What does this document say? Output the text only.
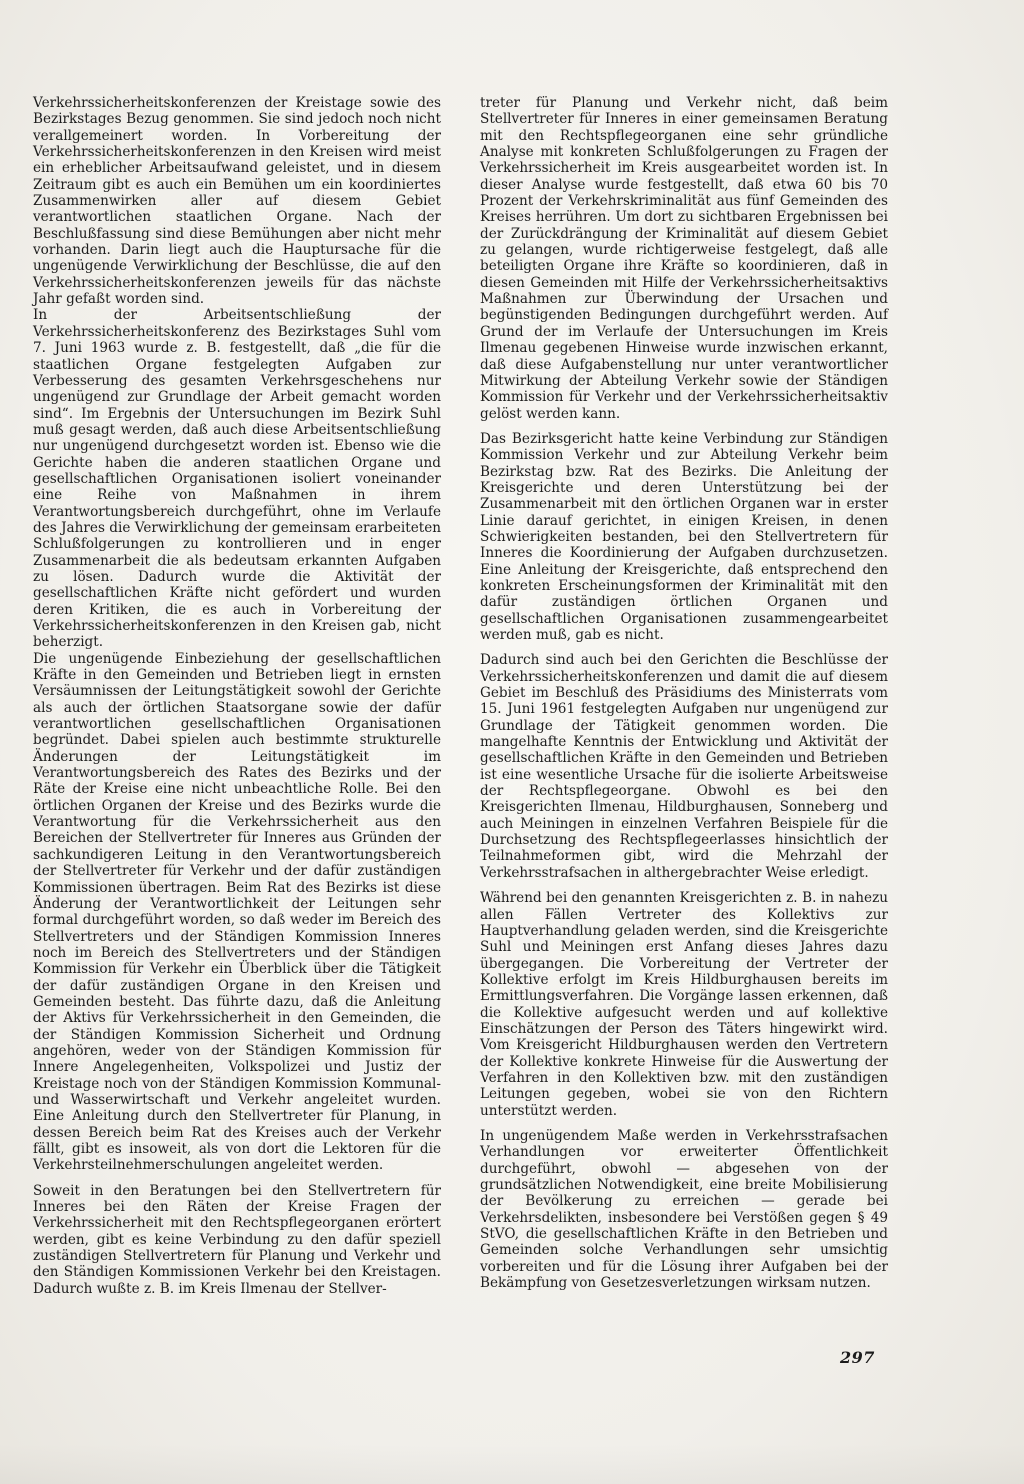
Verkehrssicherheitskonferenzen der Kreistage sowie des Bezirkstages Bezug genommen. Sie sind jedoch noch nicht verallgemeinert worden. In Vorbereitung der Verkehrssicherheitskonferenzen in den Kreisen wird meist ein erheblicher Arbeitsaufwand geleistet, und in diesem Zeitraum gibt es auch ein Bemühen um ein koordiniertes Zusammenwirken aller auf diesem Gebiet verantwortlichen staatlichen Organe. Nach der Beschlußfassung sind diese Bemühungen aber nicht mehr vorhanden. Darin liegt auch die Hauptursache für die ungenügende Verwirklichung der Beschlüsse, die auf den Verkehrssicherheitskonferenzen jeweils für das nächste Jahr gefaßt worden sind.

In der Arbeitsentschließung der Verkehrssicherheitskonferenz des Bezirkstages Suhl vom 7. Juni 1963 wurde z. B. festgestellt, daß „die für die staatlichen Organe festgelegten Aufgaben zur Verbesserung des gesamten Verkehrsgeschehens nur ungenügend zur Grundlage der Arbeit gemacht worden sind“. Im Ergebnis der Untersuchungen im Bezirk Suhl muß gesagt werden, daß auch diese Arbeitsentschließung nur ungenügend durchgesetzt worden ist. Ebenso wie die Gerichte haben die anderen staatlichen Organe und gesellschaftlichen Organisationen isoliert voneinander eine Reihe von Maßnahmen in ihrem Verantwortungsbereich durchgeführt, ohne im Verlaufe des Jahres die Verwirklichung der gemeinsam erarbeiteten Schlußfolgerungen zu kontrollieren und in enger Zusammenarbeit die als bedeutsam erkannten Aufgaben zu lösen. Dadurch wurde die Aktivität der gesellschaftlichen Kräfte nicht gefördert und wurden deren Kritiken, die es auch in Vorbereitung der Verkehrssicherheitskonferenzen in den Kreisen gab, nicht beherzigt.

Die ungenügende Einbeziehung der gesellschaftlichen Kräfte in den Gemeinden und Betrieben liegt in ernsten Versäumnissen der Leitungstätigkeit sowohl der Gerichte als auch der örtlichen Staatsorgane sowie der dafür verantwortlichen gesellschaftlichen Organisationen begründet. Dabei spielen auch bestimmte strukturelle Änderungen der Leitungstätigkeit im Verantwortungsbereich des Rates des Bezirks und der Räte der Kreise eine nicht unbeachtliche Rolle. Bei den örtlichen Organen der Kreise und des Bezirks wurde die Verantwortung für die Verkehrssicherheit aus den Bereichen der Stellvertreter für Inneres aus Gründen der sachkundigeren Leitung in den Verantwortungsbereich der Stellvertreter für Verkehr und der dafür zuständigen Kommissionen übertragen. Beim Rat des Bezirks ist diese Änderung der Verantwortlichkeit der Leitungen sehr formal durchgeführt worden, so daß weder im Bereich des Stellvertreters und der Ständigen Kommission Inneres noch im Bereich des Stellvertreters und der Ständigen Kommission für Verkehr ein Überblick über die Tätigkeit der dafür zuständigen Organe in den Kreisen und Gemeinden besteht. Das führte dazu, daß die Anleitung der Aktivs für Verkehrssicherheit in den Gemeinden, die der Ständigen Kommission Sicherheit und Ordnung angehören, weder von der Ständigen Kommission für Innere Angelegenheiten, Volkspolizei und Justiz der Kreistage noch von der Ständigen Kommission Kommunal- und Wasserwirtschaft und Verkehr angeleitet wurden. Eine Anleitung durch den Stellvertreter für Planung, in dessen Bereich beim Rat des Kreises auch der Verkehr fällt, gibt es insoweit, als von dort die Lektoren für die Verkehrsteilnehmerschulungen angeleitet werden.

Soweit in den Beratungen bei den Stellvertretern für Inneres bei den Räten der Kreise Fragen der Verkehrssicherheit mit den Rechtspflegeorganen erörtert werden, gibt es keine Verbindung zu den dafür speziell zuständigen Stellvertretern für Planung und Verkehr und den Ständigen Kommissionen Verkehr bei den Kreistagen. Dadurch wußte z. B. im Kreis Ilmenau der Stellver-

treter für Planung und Verkehr nicht, daß beim Stellvertreter für Inneres in einer gemeinsamen Beratung mit den Rechtspflegeorganen eine sehr gründliche Analyse mit konkreten Schlußfolgerungen zu Fragen der Verkehrssicherheit im Kreis ausgearbeitet worden ist. In dieser Analyse wurde festgestellt, daß etwa 60 bis 70 Prozent der Verkehrskriminalität aus fünf Gemeinden des Kreises herrühren. Um dort zu sichtbaren Ergebnissen bei der Zurückdrängung der Kriminalität auf diesem Gebiet zu gelangen, wurde richtigerweise festgelegt, daß alle beteiligten Organe ihre Kräfte so koordinieren, daß in diesen Gemeinden mit Hilfe der Verkehrssicherheitsaktivs Maßnahmen zur Überwindung der Ursachen und begünstigenden Bedingungen durchgeführt werden. Auf Grund der im Verlaufe der Untersuchungen im Kreis Ilmenau gegebenen Hinweise wurde inzwischen erkannt, daß diese Aufgabenstellung nur unter verantwortlicher Mitwirkung der Abteilung Verkehr sowie der Ständigen Kommission für Verkehr und der Verkehrssicherheitsaktiv gelöst werden kann.

Das Bezirksgericht hatte keine Verbindung zur Ständigen Kommission Verkehr und zur Abteilung Verkehr beim Bezirkstag bzw. Rat des Bezirks. Die Anleitung der Kreisgerichte und deren Unterstützung bei der Zusammenarbeit mit den örtlichen Organen war in erster Linie darauf gerichtet, in einigen Kreisen, in denen Schwierigkeiten bestanden, bei den Stellvertretern für Inneres die Koordinierung der Aufgaben durchzusetzen. Eine Anleitung der Kreisgerichte, daß entsprechend den konkreten Erscheinungsformen der Kriminalität mit den dafür zuständigen örtlichen Organen und gesellschaftlichen Organisationen zusammengearbeitet werden muß, gab es nicht.

Dadurch sind auch bei den Gerichten die Beschlüsse der Verkehrssicherheitskonferenzen und damit die auf diesem Gebiet im Beschluß des Präsidiums des Ministerrats vom 15. Juni 1961 festgelegten Aufgaben nur ungenügend zur Grundlage der Tätigkeit genommen worden. Die mangelhafte Kenntnis der Entwicklung und Aktivität der gesellschaftlichen Kräfte in den Gemeinden und Betrieben ist eine wesentliche Ursache für die isolierte Arbeitsweise der Rechtspflegeorgane. Obwohl es bei den Kreisgerichten Ilmenau, Hildburghausen, Sonneberg und auch Meiningen in einzelnen Verfahren Beispiele für die Durchsetzung des Rechtspflegeerlasses hinsichtlich der Teilnahmeformen gibt, wird die Mehrzahl der Verkehrsstrafsachen in althergebrachter Weise erledigt.

Während bei den genannten Kreisgerichten z. B. in nahezu allen Fällen Vertreter des Kollektivs zur Hauptverhandlung geladen werden, sind die Kreisgerichte Suhl und Meiningen erst Anfang dieses Jahres dazu übergegangen. Die Vorbereitung der Vertreter der Kollektive erfolgt im Kreis Hildburghausen bereits im Ermittlungsverfahren. Die Vorgänge lassen erkennen, daß die Kollektive aufgesucht werden und auf kollektive Einschätzungen der Person des Täters hingewirkt wird. Vom Kreisgericht Hildburghausen werden den Vertretern der Kollektive konkrete Hinweise für die Auswertung der Verfahren in den Kollektiven bzw. mit den zuständigen Leitungen gegeben, wobei sie von den Richtern unterstützt werden.

In ungenügendem Maße werden in Verkehrsstrafsachen Verhandlungen vor erweiterter Öffentlichkeit durchgeführt, obwohl — abgesehen von der grundsätzlichen Notwendigkeit, eine breite Mobilisierung der Bevölkerung zu erreichen — gerade bei Verkehrsdelikten, insbesondere bei Verstößen gegen § 49 StVO, die gesellschaftlichen Kräfte in den Betrieben und Gemeinden solche Verhandlungen sehr umsichtig vorbereiten und für die Lösung ihrer Aufgaben bei der Bekämpfung von Gesetzesverletzungen wirksam nutzen.

297
